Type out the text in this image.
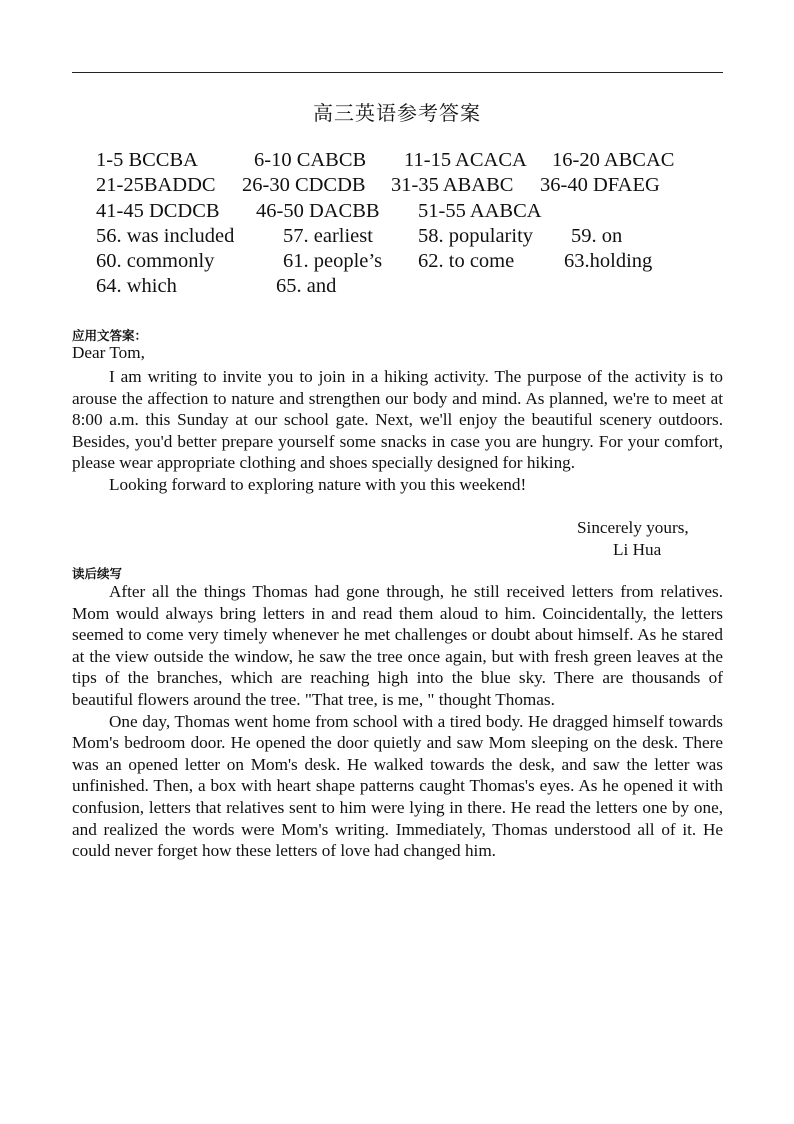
高三英语参考答案
1-5 BCCBA	6-10 CABCB 11-15 ACACA 16-20 ABCAC
21-25BADDC 26-30 CDCDB 31-35 ABABC 36-40 DFAEG
41-45 DCDCB 46-50 DACBB 51-55 AABCA
56. was included 57. earliest 58. popularity 59. on
60. commonly	61. people’s 62. to come 63.holding
64. which	65. and
应用文答案：
Dear Tom,

I am writing to invite you to join in a hiking activity. The purpose of the activity is to arouse the affection to nature and strengthen our body and mind. As planned, we're to meet at 8:00 a.m. this Sunday at our school gate. Next, we'll enjoy the beautiful scenery outdoors. Besides, you'd better prepare yourself some snacks in case you are hungry. For your comfort, please wear appropriate clothing and shoes specially designed for hiking.

Looking forward to exploring nature with you this weekend!

Sincerely yours,
Li Hua
读后续写

After all the things Thomas had gone through, he still received letters from relatives. Mom would always bring letters in and read them aloud to him. Coincidentally, the letters seemed to come very timely whenever he met challenges or doubt about himself. As he stared at the view outside the window, he saw the tree once again, but with fresh green leaves at the tips of the branches, which are reaching high into the blue sky. There are thousands of beautiful flowers around the tree. "That tree, is me, " thought Thomas.

One day, Thomas went home from school with a tired body. He dragged himself towards Mom's bedroom door. He opened the door quietly and saw Mom sleeping on the desk. There was an opened letter on Mom's desk. He walked towards the desk, and saw the letter was unfinished. Then, a box with heart shape patterns caught Thomas's eyes. As he opened it with confusion, letters that relatives sent to him were lying in there. He read the letters one by one, and realized the words were Mom's writing. Immediately, Thomas understood all of it. He could never forget how these letters of love had changed him.
